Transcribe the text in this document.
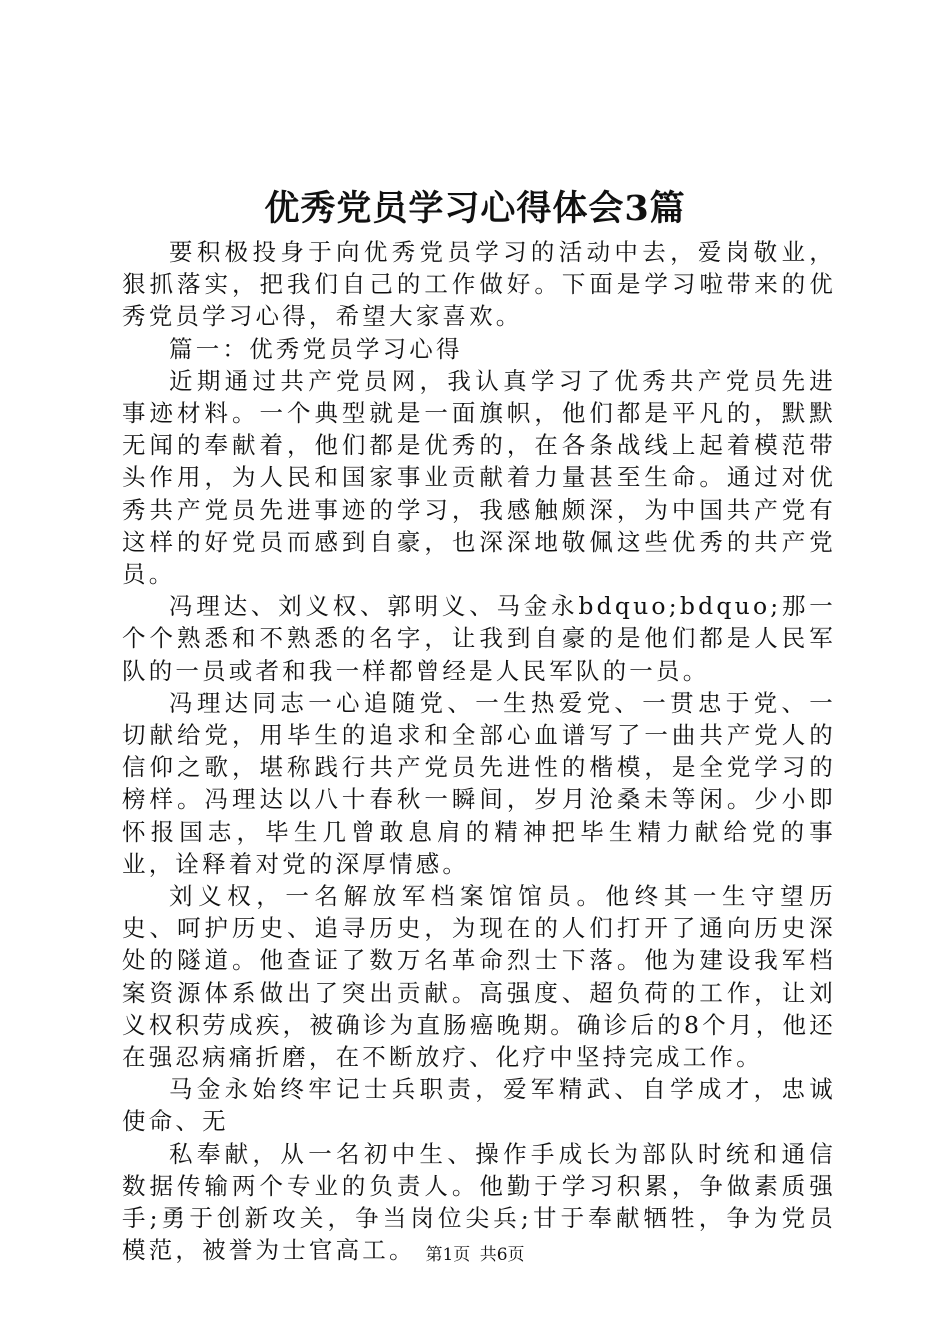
优秀党员学习心得体会3篇

要积极投身于向优秀党员学习的活动中去，爱岗敬业，狠抓落实，把我们自己的工作做好。下面是学习啦带来的优秀党员学习心得，希望大家喜欢。

篇一：优秀党员学习心得

近期通过共产党员网，我认真学习了优秀共产党员先进事迹材料。一个典型就是一面旗帜，他们都是平凡的，默默无闻的奉献着，他们都是优秀的，在各条战线上起着模范带头作用，为人民和国家事业贡献着力量甚至生命。通过对优秀共产党员先进事迹的学习，我感触颇深，为中国共产党有这样的好党员而感到自豪，也深深地敬佩这些优秀的共产党员。

冯理达、刘义权、郭明义、马金永bdquo;bdquo;那一个个熟悉和不熟悉的名字，让我到自豪的是他们都是人民军队的一员或者和我一样都曾经是人民军队的一员。

冯理达同志一心追随党、一生热爱党、一贯忠于党、一切献给党，用毕生的追求和全部心血谱写了一曲共产党人的信仰之歌，堪称践行共产党员先进性的楷模，是全党学习的榜样。冯理达以八十春秋一瞬间，岁月沧桑未等闲。少小即怀报国志，毕生几曾敢息肩的精神把毕生精力献给党的事业，诠释着对党的深厚情感。

刘义权，一名解放军档案馆馆员。他终其一生守望历史、呵护历史、追寻历史，为现在的人们打开了通向历史深处的隧道。他查证了数万名革命烈士下落。他为建设我军档案资源体系做出了突出贡献。高强度、超负荷的工作，让刘义权积劳成疾，被确诊为直肠癌晚期。确诊后的8个月，他还在强忍病痛折磨，在不断放疗、化疗中坚持完成工作。

马金永始终牢记士兵职责，爱军精武、自学成才，忠诚使命、无

私奉献，从一名初中生、操作手成长为部队时统和通信数据传输两个专业的负责人。他勤于学习积累，争做素质强手;勇于创新攻关，争当岗位尖兵;甘于奉献牺牲，争为党员模范，被誉为士官高工。 第1页 共6页
